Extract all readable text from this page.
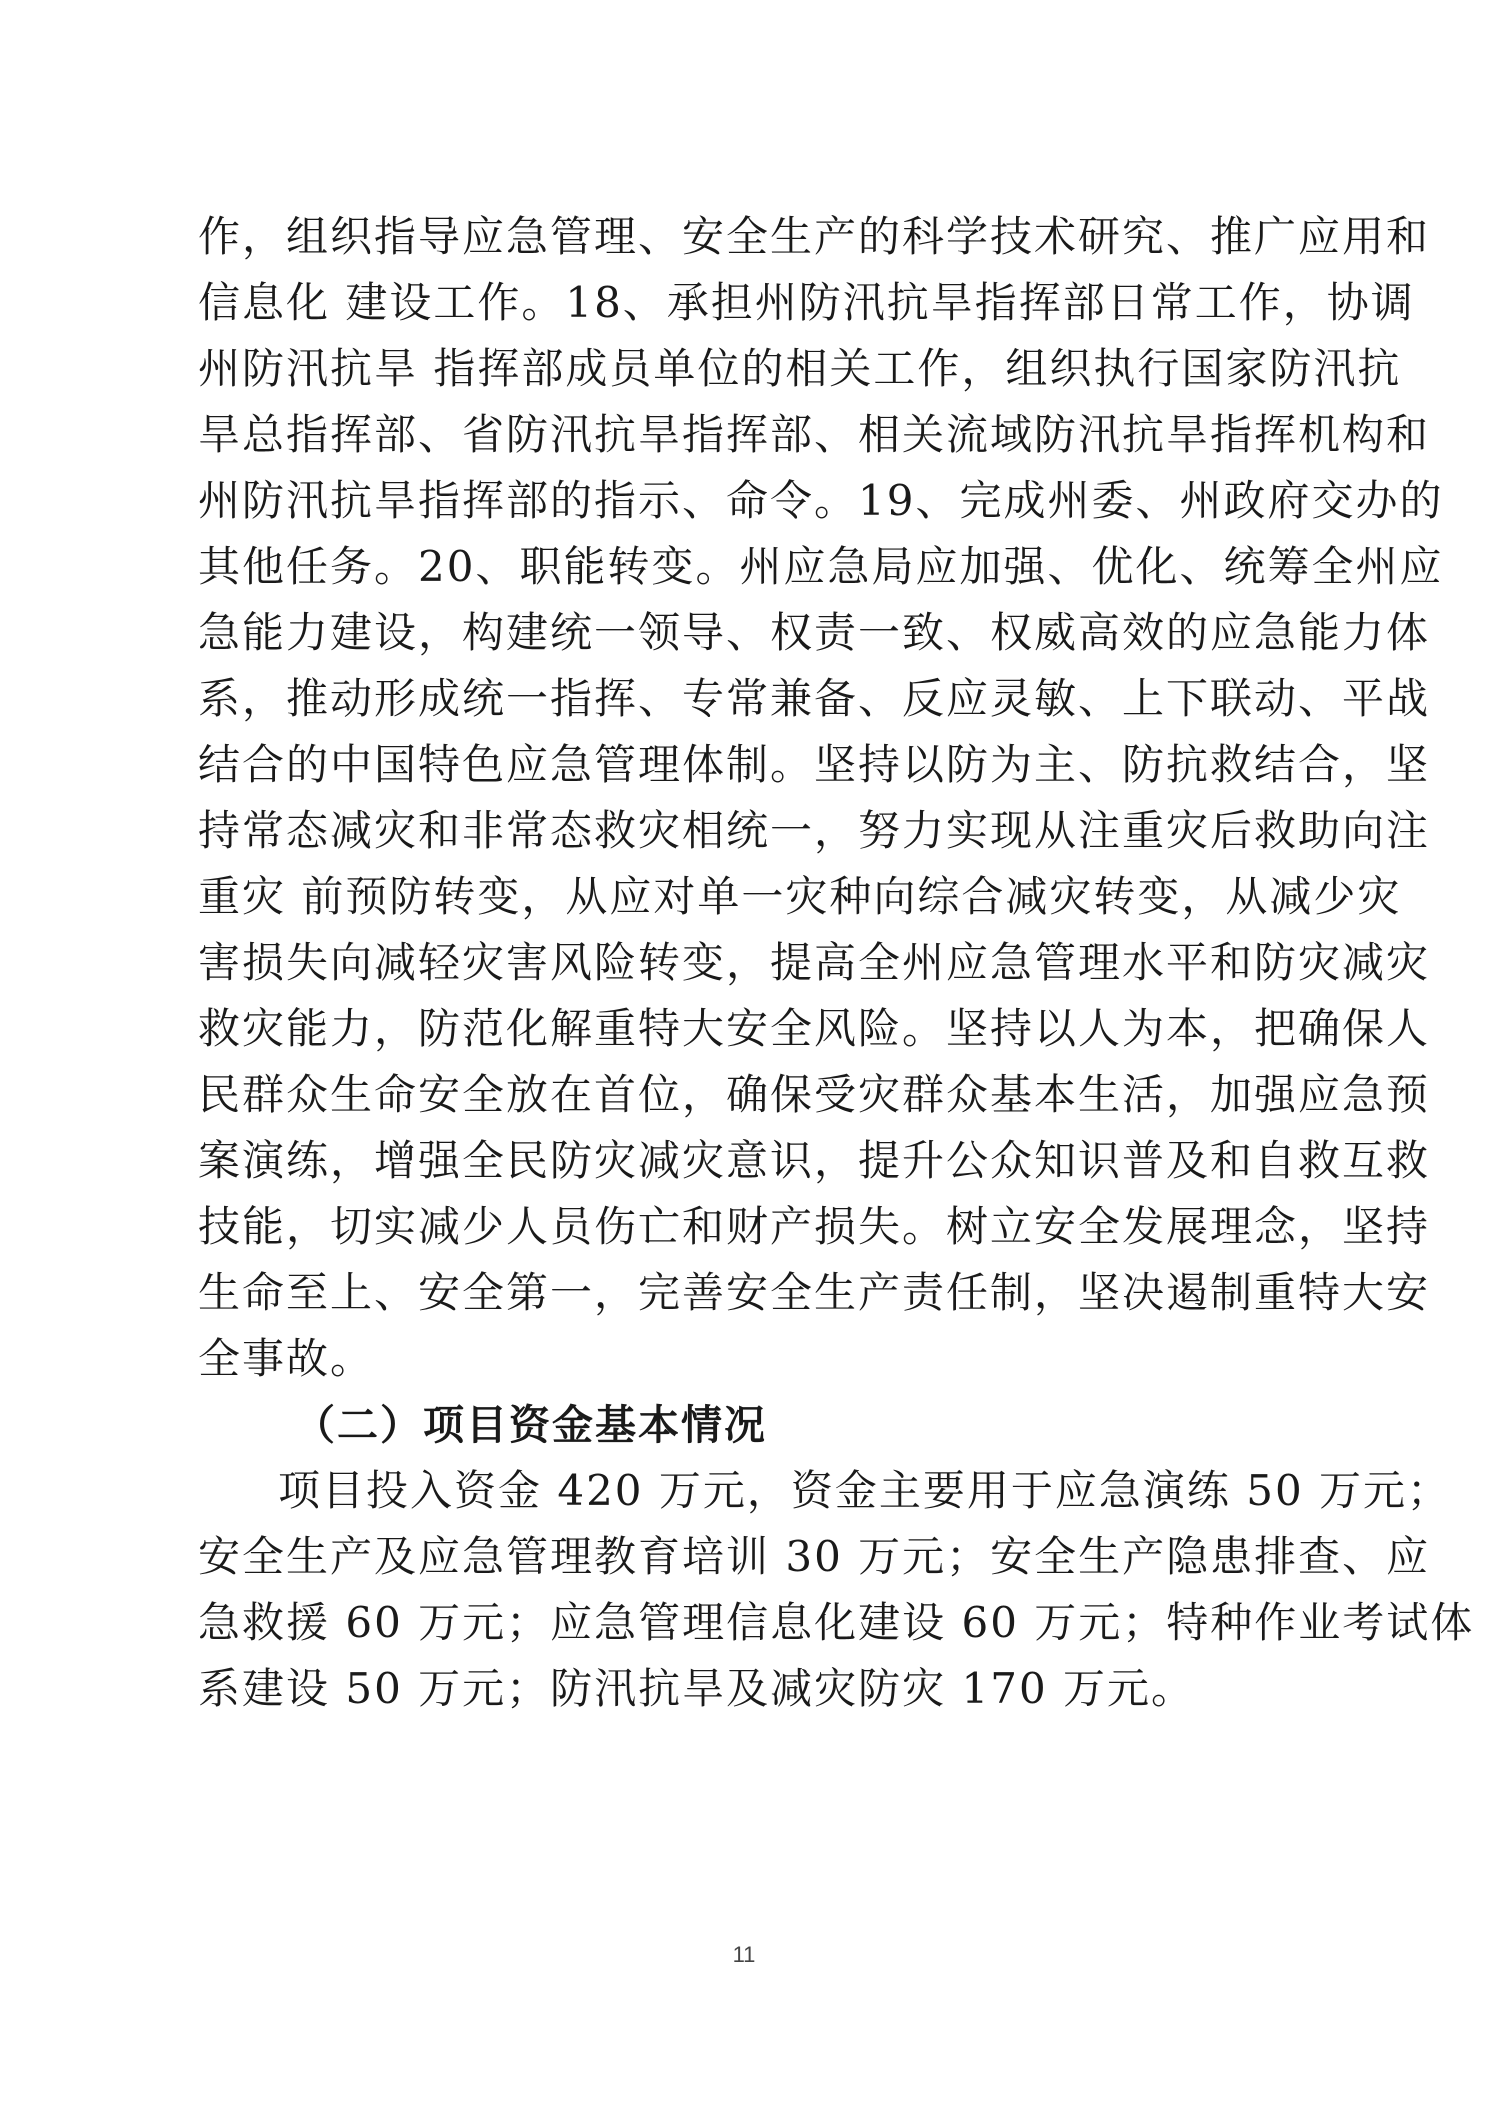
作，组织指导应急管理、安全生产的科学技术研究、推广应用和
信息化 建设工作。18、承担州防汛抗旱指挥部日常工作，协调
州防汛抗旱 指挥部成员单位的相关工作，组织执行国家防汛抗
旱总指挥部、省防汛抗旱指挥部、相关流域防汛抗旱指挥机构和
州防汛抗旱指挥部的指示、命令。19、完成州委、州政府交办的
其他任务。20、职能转变。州应急局应加强、优化、统筹全州应
急能力建设，构建统一领导、权责一致、权威高效的应急能力体
系，推动形成统一指挥、专常兼备、反应灵敏、上下联动、平战
结合的中国特色应急管理体制。坚持以防为主、防抗救结合，坚
持常态减灾和非常态救灾相统一，努力实现从注重灾后救助向注
重灾 前预防转变，从应对单一灾种向综合减灾转变，从减少灾
害损失向减轻灾害风险转变，提高全州应急管理水平和防灾减灾
救灾能力，防范化解重特大安全风险。坚持以人为本，把确保人
民群众生命安全放在首位，确保受灾群众基本生活，加强应急预
案演练，增强全民防灾减灾意识，提升公众知识普及和自救互救
技能，切实减少人员伤亡和财产损失。树立安全发展理念，坚持
生命至上、安全第一，完善安全生产责任制，坚决遏制重特大安
全事故。
（二）项目资金基本情况
项目投入资金 420 万元，资金主要用于应急演练 50 万元；
安全生产及应急管理教育培训 30 万元；安全生产隐患排查、应
急救援 60 万元；应急管理信息化建设 60 万元；特种作业考试体
系建设 50 万元；防汛抗旱及减灾防灾 170 万元。
11
